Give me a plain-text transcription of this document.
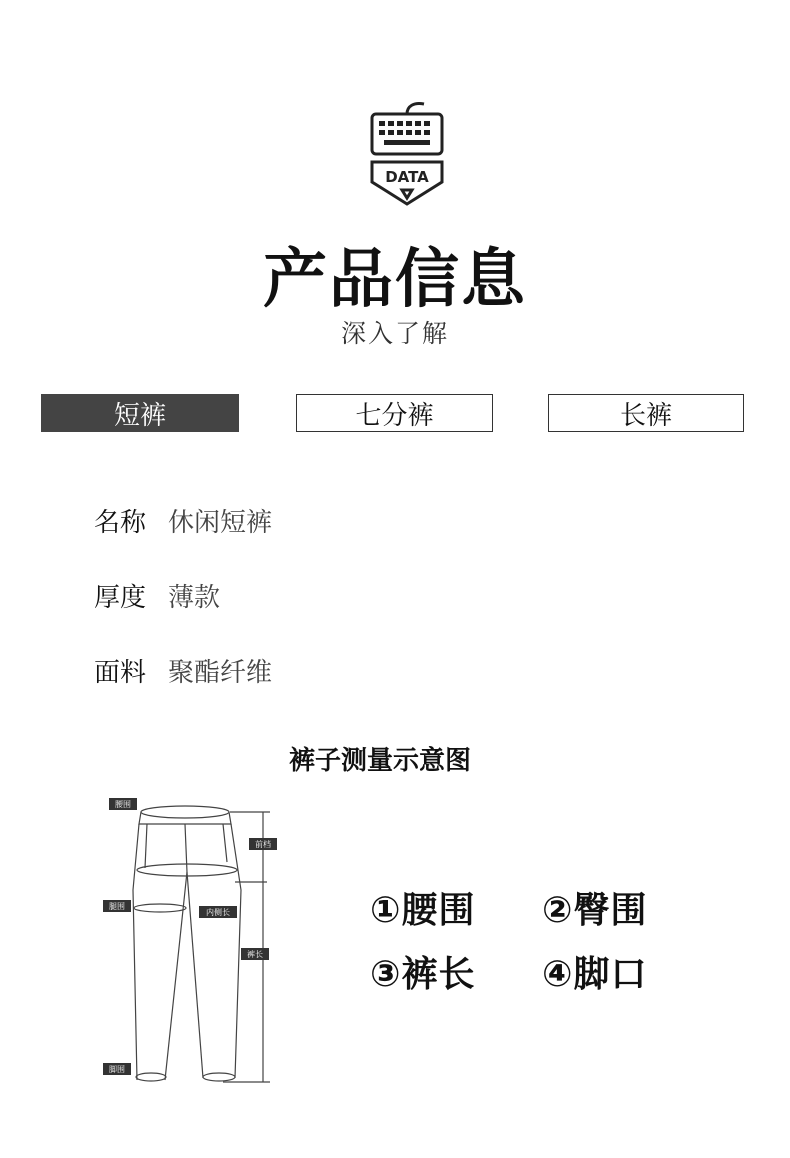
DATA
产品信息
深入了解
短裤	七分裤	长裤
名称 休闲短裤
厚度 薄款
面料 聚酯纤维
裤子测量示意图
腰围
前档
腿围
内侧长
裤长
脚围
①腰围 ②臀围
③裤长 ④脚口
